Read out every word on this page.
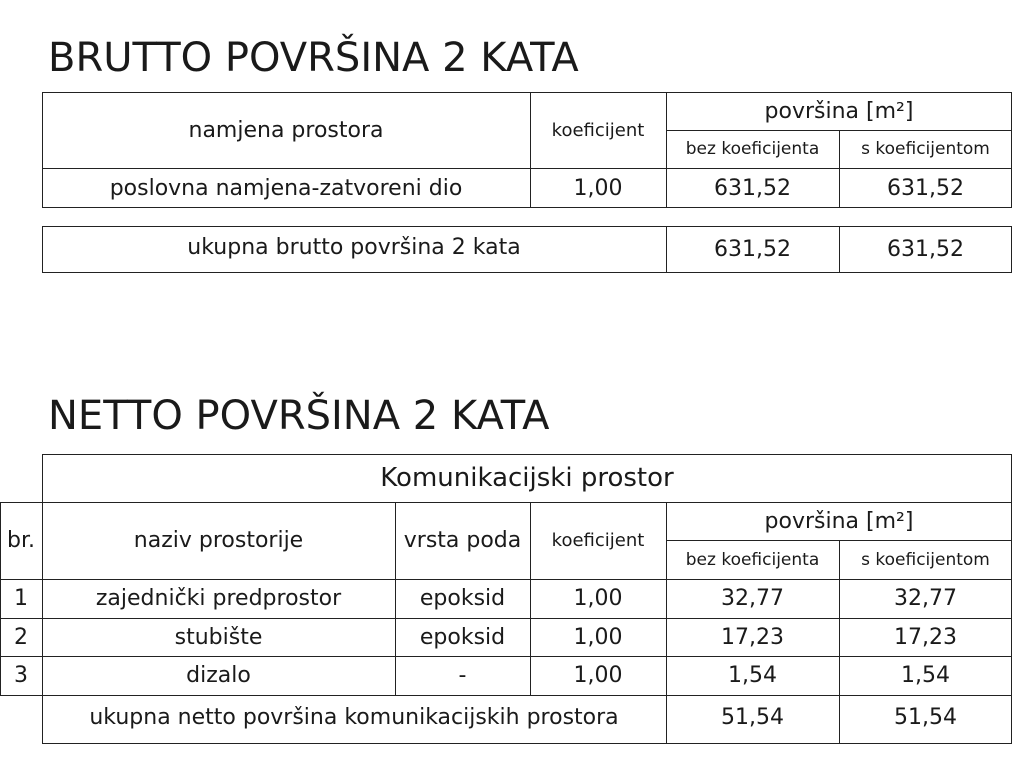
BRUTTO POVRŠINA 2 KATA
namjena prostora	koeficijent
površina [m²]
bez koeficijenta	s koeficijentom
poslovna namjena-zatvoreni dio	1,00	631,52	631,52
ukupna brutto površina 2 kata	631,52	631,52
NETTO POVRŠINA 2 KATA
Komunikacijski prostor
br.	naziv prostorije	vrsta poda	koeficijent
površina [m²]
bez koeficijenta	s koeficijentom
1	zajednički predprostor	epoksid	1,00	32,77	32,77
2	stubište	epoksid	1,00	17,23	17,23
3	dizalo	-	1,00	1,54	1,54
ukupna netto površina komunikacijskih prostora	51,54	51,54
